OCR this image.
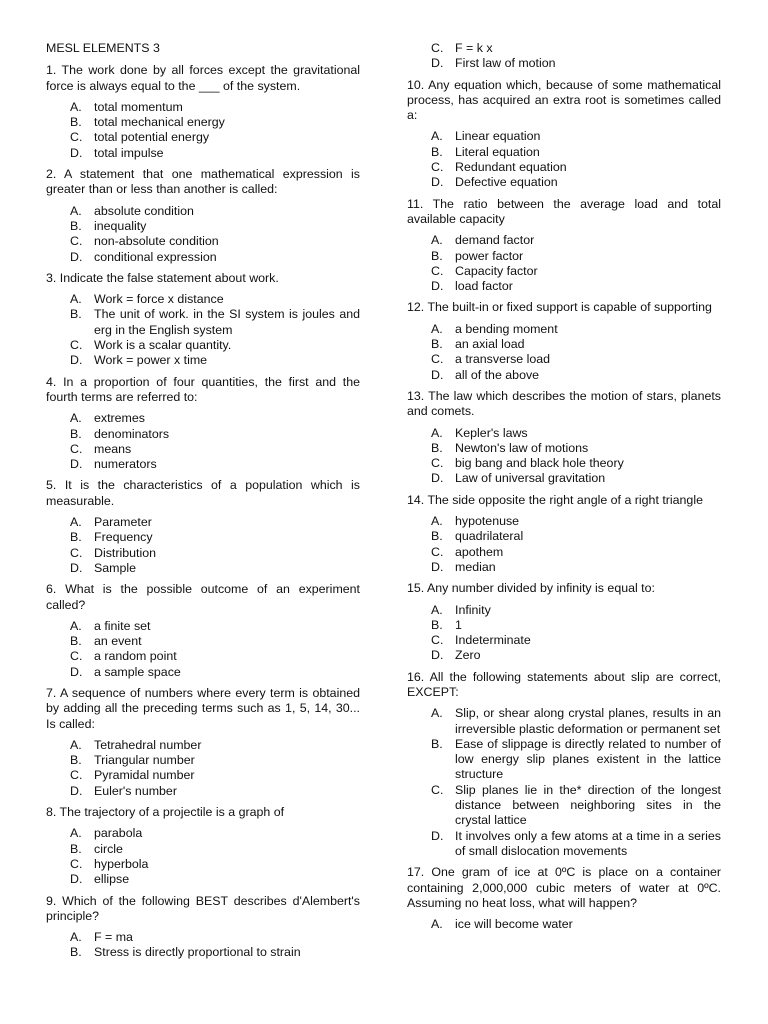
MESL ELEMENTS 3
1. The work done by all forces except the gravitational force is always equal to the ___ of the system.
A. total momentum
B. total mechanical energy
C. total potential energy
D. total impulse
2. A statement that one mathematical expression is greater than or less than another is called:
A. absolute condition
B. inequality
C. non-absolute condition
D. conditional expression
3. Indicate the false statement about work.
A. Work = force x distance
B. The unit of work. in the SI system is joules and erg in the English system
C. Work is a scalar quantity.
D. Work = power x time
4. In a proportion of four quantities, the first and the fourth terms are referred to:
A. extremes
B. denominators
C. means
D. numerators
5. It is the characteristics of a population which is measurable.
A. Parameter
B. Frequency
C. Distribution
D. Sample
6. What is the possible outcome of an experiment called?
A. a finite set
B. an event
C. a random point
D. a sample space
7. A sequence of numbers where every term is obtained by adding all the preceding terms such as 1, 5, 14, 30... Is called:
A. Tetrahedral number
B. Triangular number
C. Pyramidal number
D. Euler's number
8. The trajectory of a projectile is a graph of
A. parabola
B. circle
C. hyperbola
D. ellipse
9. Which of the following BEST describes d'Alembert's principle?
A. F = ma
B. Stress is directly proportional to strain
C. F = k x
D. First law of motion
10. Any equation which, because of some mathematical process, has acquired an extra root is sometimes called a:
A. Linear equation
B. Literal equation
C. Redundant equation
D. Defective equation
11. The ratio between the average load and total available capacity
A. demand factor
B. power factor
C. Capacity factor
D. load factor
12. The built-in or fixed support is capable of supporting
A. a bending moment
B. an axial load
C. a transverse load
D. all of the above
13. The law which describes the motion of stars, planets and comets.
A. Kepler's laws
B. Newton's law of motions
C. big bang and black hole theory
D. Law of universal gravitation
14. The side opposite the right angle of a right triangle
A. hypotenuse
B. quadrilateral
C. apothem
D. median
15. Any number divided by infinity is equal to:
A. Infinity
B. 1
C. Indeterminate
D. Zero
16. All the following statements about slip are correct, EXCEPT:
A. Slip, or shear along crystal planes, results in an irreversible plastic deformation or permanent set
B. Ease of slippage is directly related to number of low energy slip planes existent in the lattice structure
C. Slip planes lie in the* direction of the longest distance between neighboring sites in the crystal lattice
D. It involves only a few atoms at a time in a series of small dislocation movements
17. One gram of ice at 0ºC is place on a container containing 2,000,000 cubic meters of water at 0ºC. Assuming no heat loss, what will happen?
A. ice will become water
